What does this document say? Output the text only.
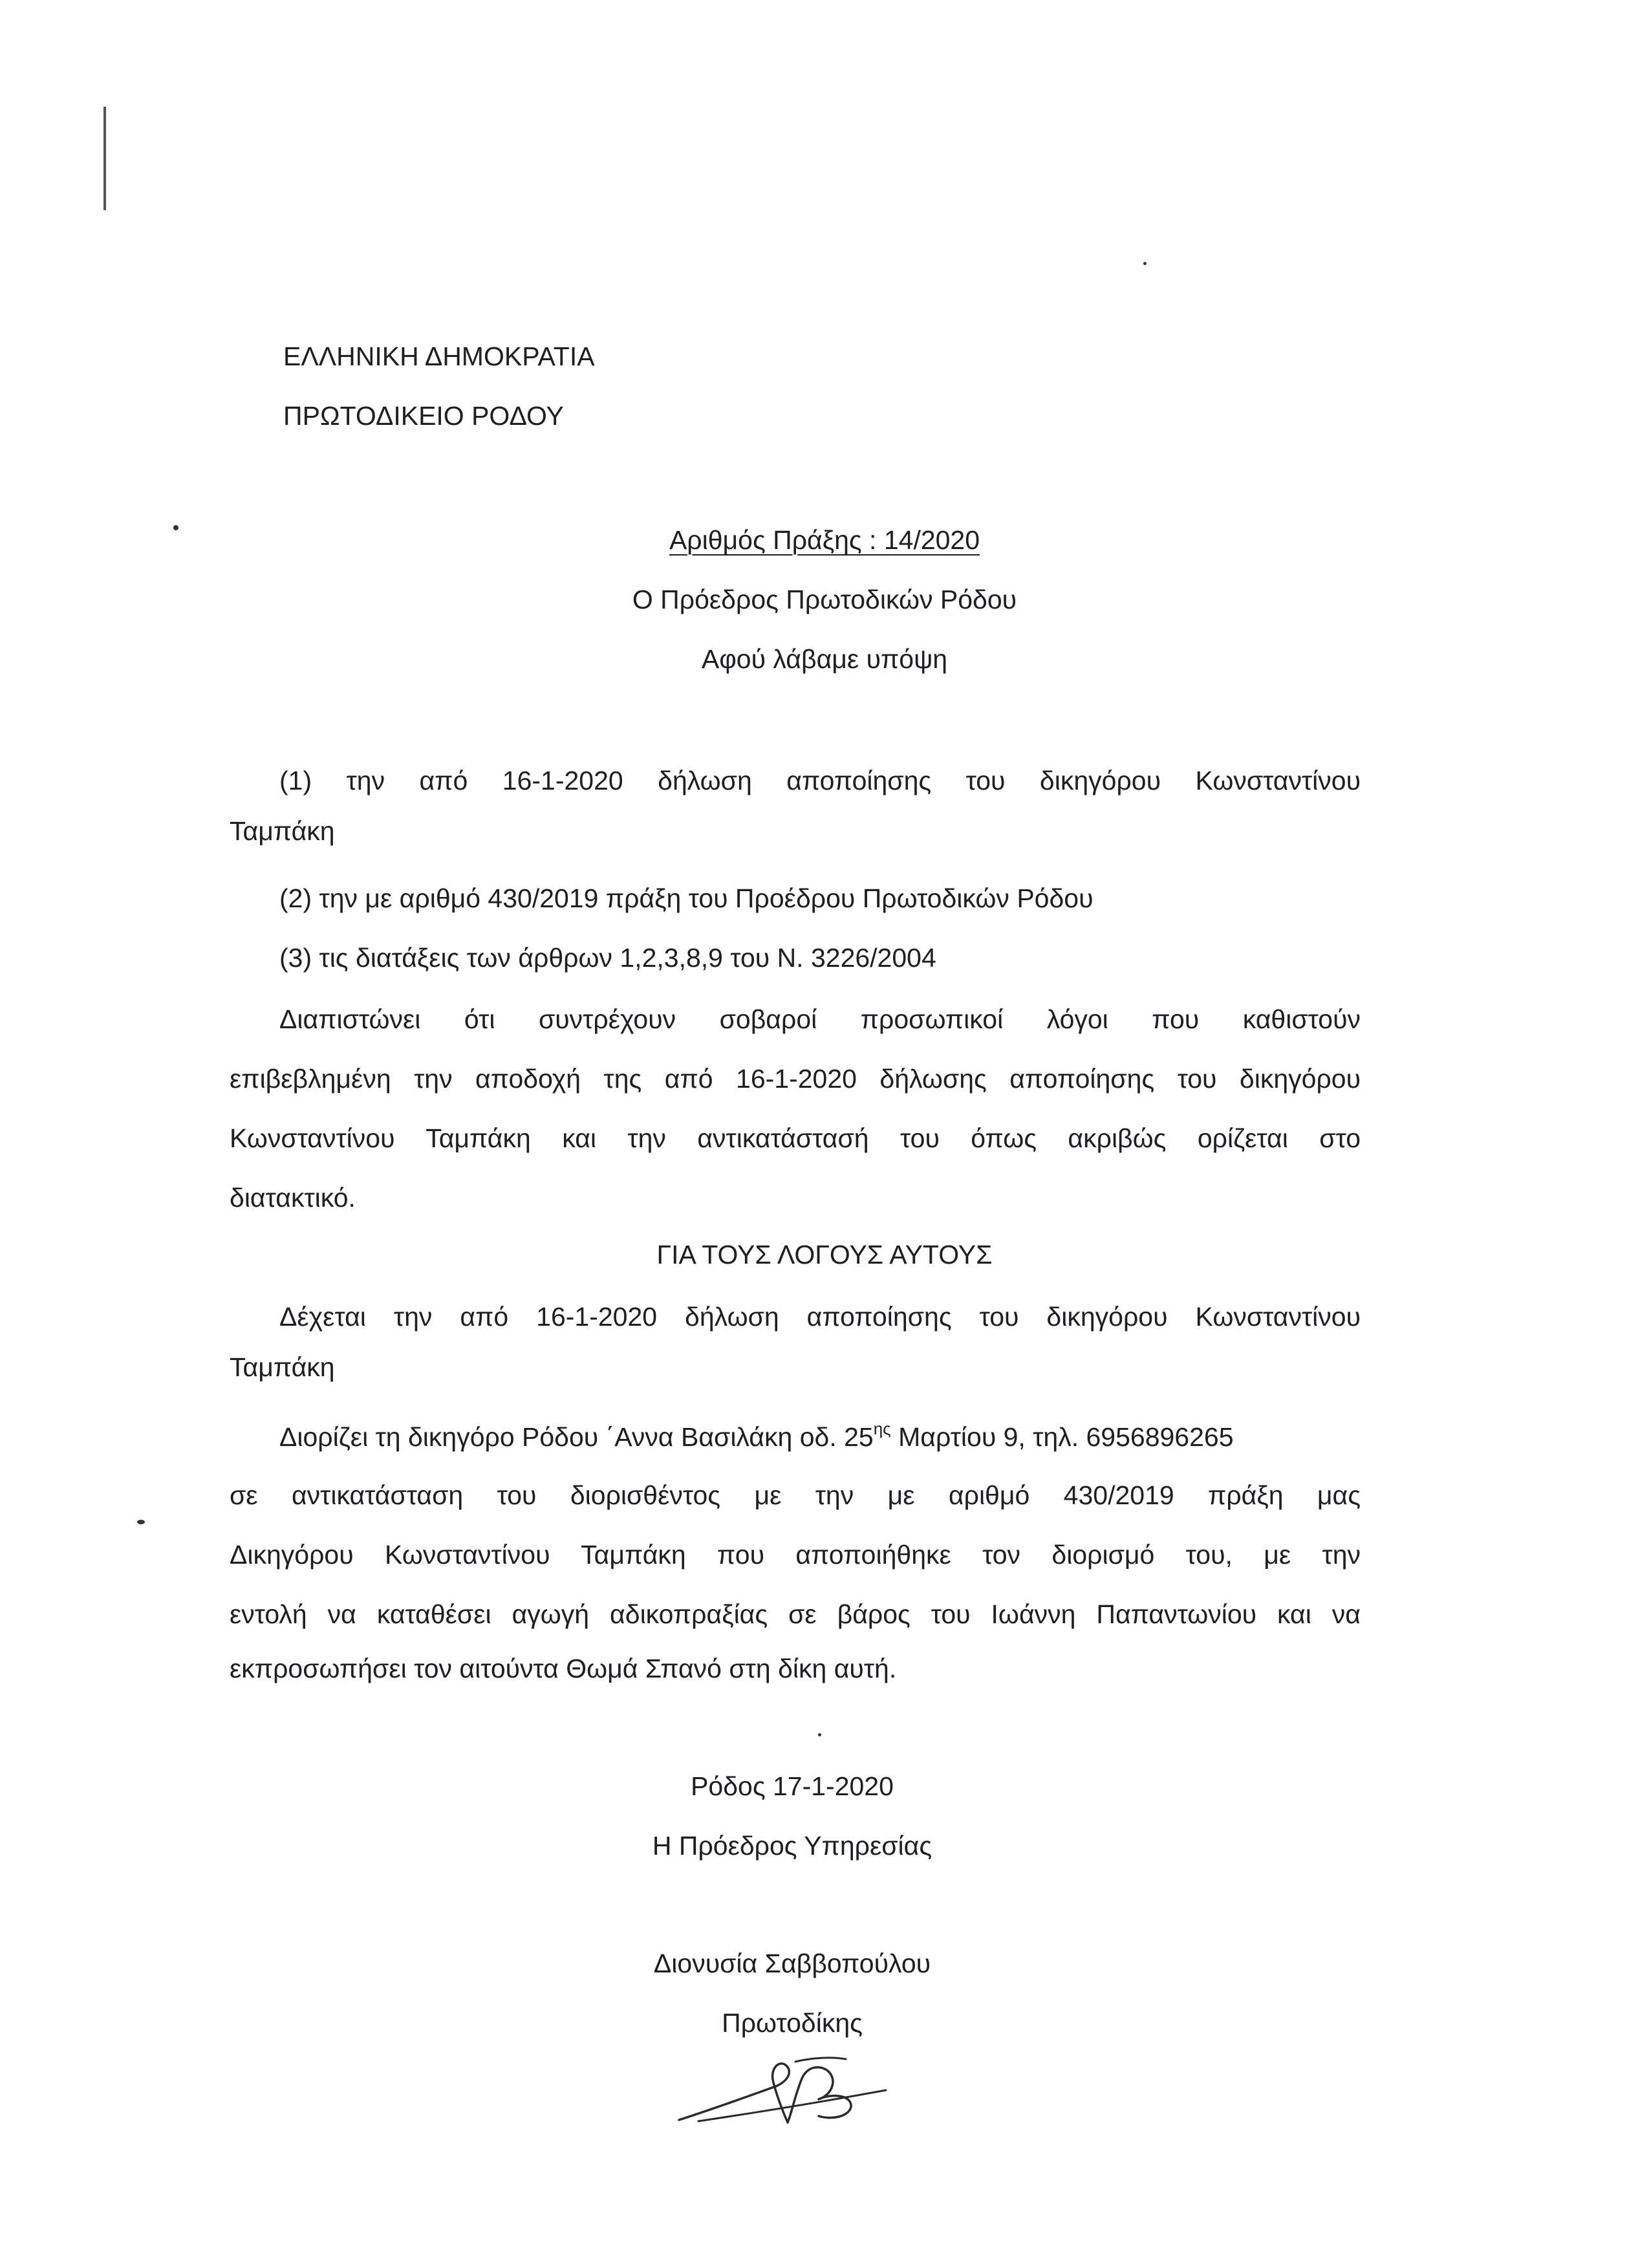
ΕΛΛΗΝΙΚΗ ΔΗΜΟΚΡΑΤΙΑ
ΠΡΩΤΟΔΙΚΕΙΟ ΡΟΔΟΥ
Αριθμός Πράξης : 14/2020
Ο Πρόεδρος Πρωτοδικών Ρόδου
Αφού λάβαμε υπόψη
(1) την από 16-1-2020 δήλωση αποποίησης του δικηγόρου Κωνσταντίνου
Ταμπάκη
(2) την με αριθμό 430/2019 πράξη του Προέδρου Πρωτοδικών Ρόδου
(3) τις διατάξεις των άρθρων 1,2,3,8,9 του Ν. 3226/2004
Διαπιστώνει ότι συντρέχουν σοβαροί προσωπικοί λόγοι που καθιστούν
επιβεβλημένη την αποδοχή της από 16-1-2020 δήλωσης αποποίησης του δικηγόρου
Κωνσταντίνου Ταμπάκη και την αντικατάστασή του όπως ακριβώς ορίζεται στο
διατακτικό.
ΓΙΑ ΤΟΥΣ ΛΟΓΟΥΣ ΑΥΤΟΥΣ
Δέχεται την από 16-1-2020 δήλωση αποποίησης του δικηγόρου Κωνσταντίνου
Ταμπάκη
Διορίζει τη δικηγόρο Ρόδου ΄Αννα Βασιλάκη οδ. $25^{\eta\varsigma}$ Μαρτίου 9, τηλ. 6956896265
σε αντικατάσταση του διορισθέντος με την με αριθμό 430/2019 πράξη μας
Δικηγόρου Κωνσταντίνου Ταμπάκη που αποποιήθηκε τον διορισμό του, με την
εντολή να καταθέσει αγωγή αδικοπραξίας σε βάρος του Ιωάννη Παπαντωνίου και να
εκπροσωπήσει τον αιτούντα Θωμά Σπανό στη δίκη αυτή.
Ρόδος 17-1-2020
Η Πρόεδρος Υπηρεσίας
Διονυσία Σαββοπούλου
Πρωτοδίκης
